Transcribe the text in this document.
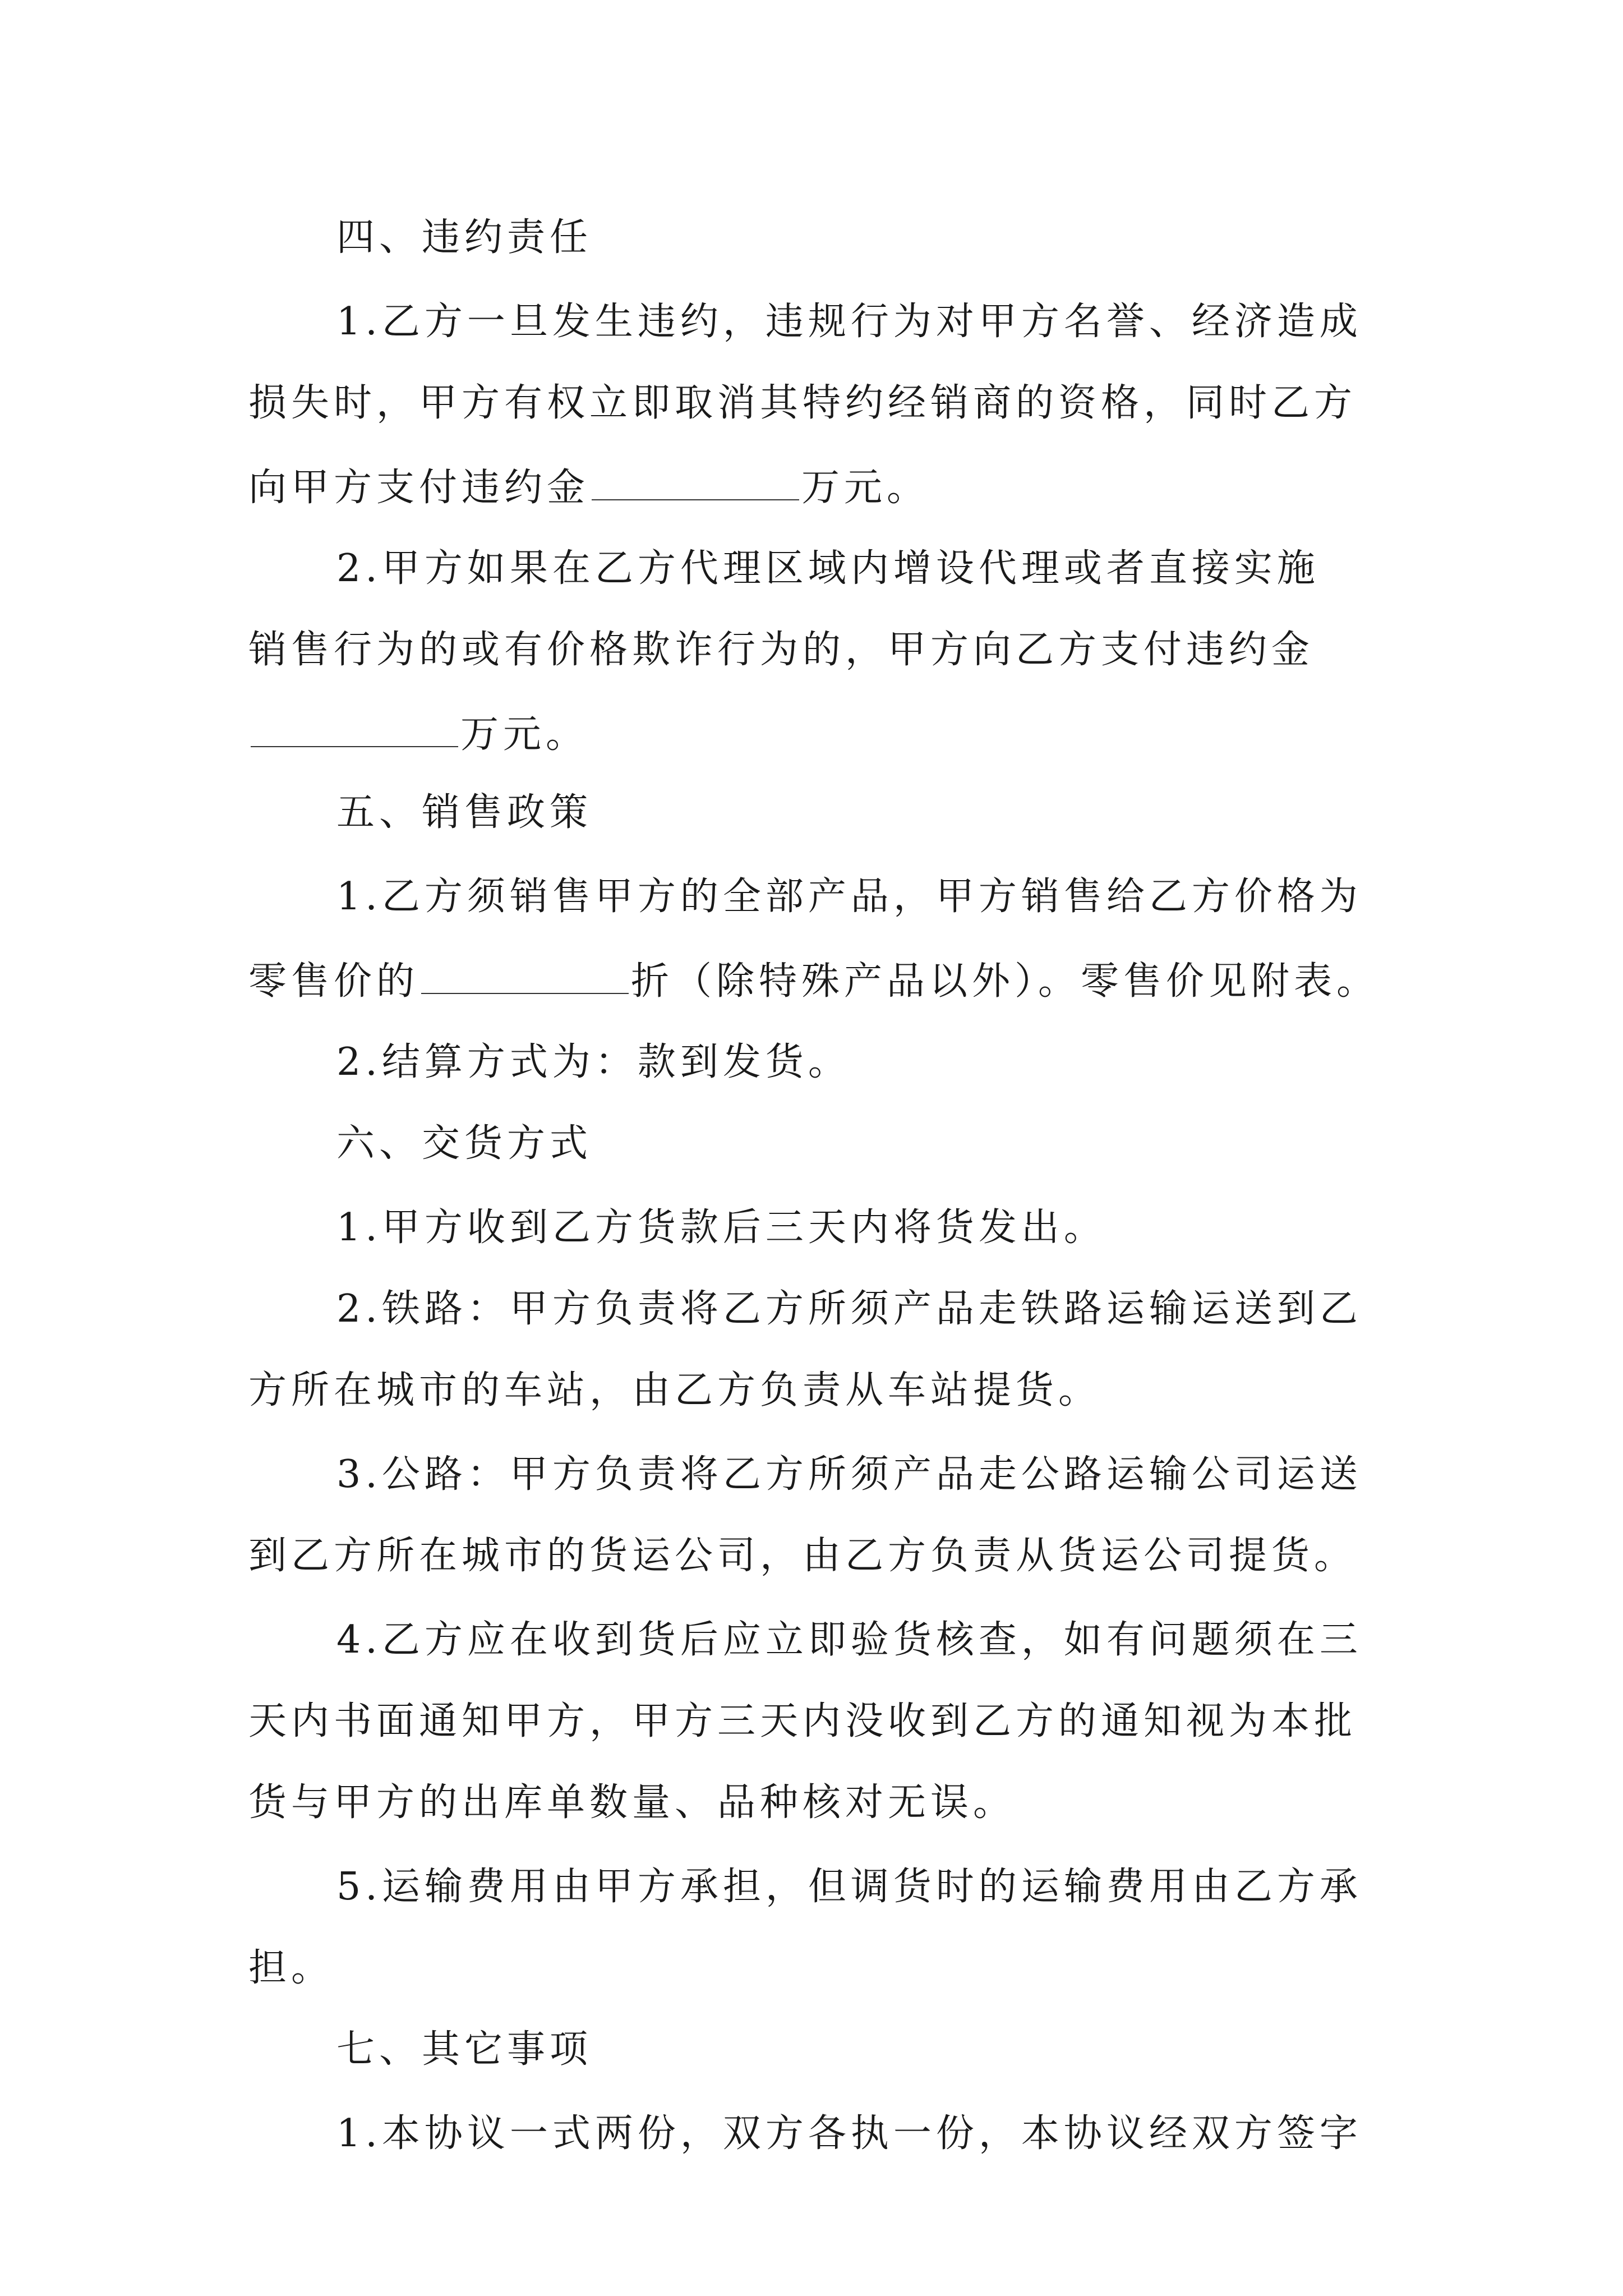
四、违约责任
1.乙方一旦发生违约，违规行为对甲方名誉、经济造成
损失时，甲方有权立即取消其特约经销商的资格，同时乙方
向甲方支付违约金	万元。
2.甲方如果在乙方代理区域内增设代理或者直接实施
销售行为的或有价格欺诈行为的，甲方向乙方支付违约金
万元。
五、销售政策
1.乙方须销售甲方的全部产品，甲方销售给乙方价格为
零售价的	折（除特殊产品以外）。零售价见附表。
2.结算方式为：款到发货。
六、交货方式
1.甲方收到乙方货款后三天内将货发出。
2.铁路：甲方负责将乙方所须产品走铁路运输运送到乙
方所在城市的车站，由乙方负责从车站提货。
3.公路：甲方负责将乙方所须产品走公路运输公司运送
到乙方所在城市的货运公司，由乙方负责从货运公司提货。
4.乙方应在收到货后应立即验货核查，如有问题须在三
天内书面通知甲方，甲方三天内没收到乙方的通知视为本批
货与甲方的出库单数量、品种核对无误。
5.运输费用由甲方承担，但调货时的运输费用由乙方承
担。
七、其它事项
1.本协议一式两份，双方各执一份，本协议经双方签字
